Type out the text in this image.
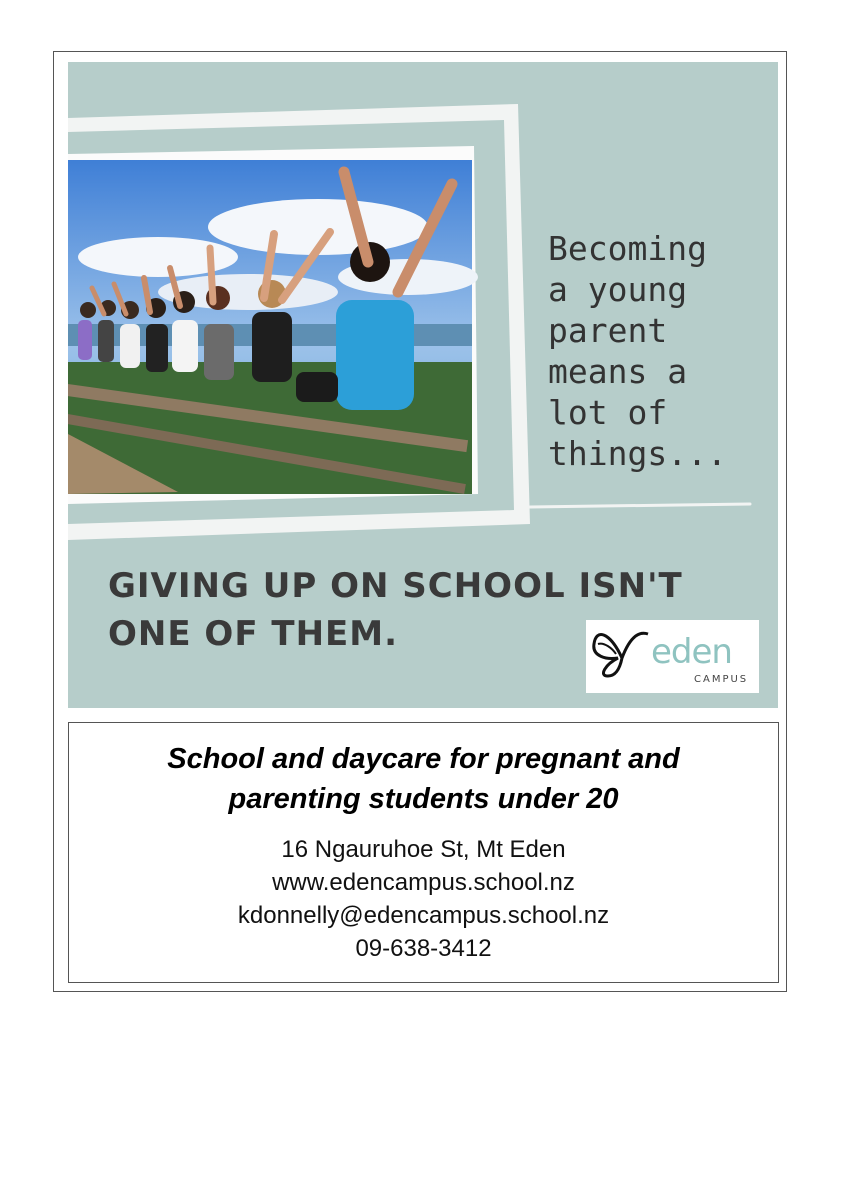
Becoming
a young
parent
means a
lot of
things...

GIVING UP ON SCHOOL ISN'T
ONE OF THEM.	eden
CAMPUS
School and daycare for pregnant and
parenting students under 20
16 Ngauruhoe St, Mt Eden
www.edencampus.school.nz
kdonnelly@edencampus.school.nz
09-638-3412
